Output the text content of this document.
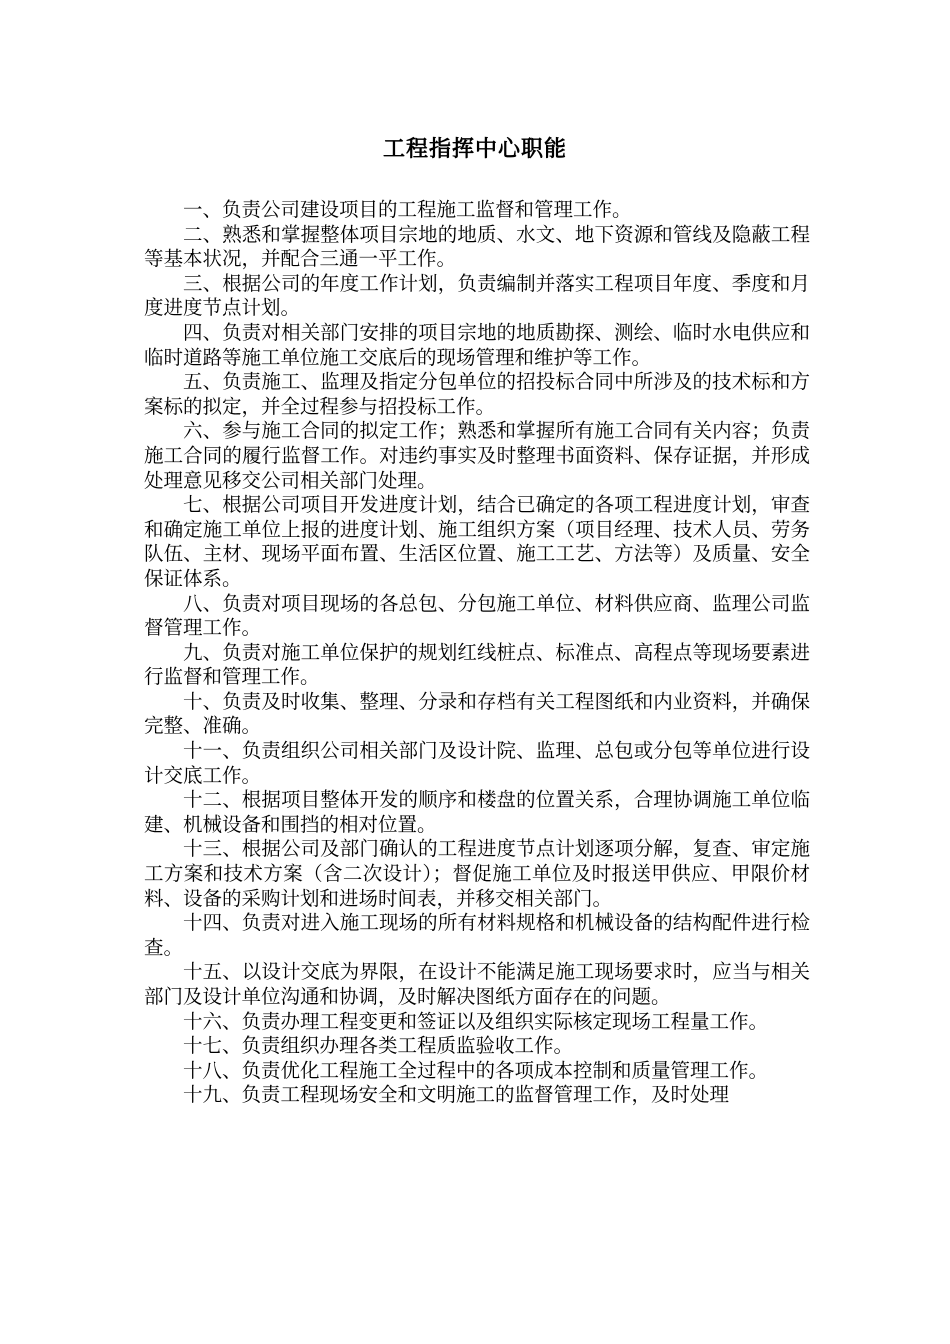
工程指挥中心职能

一、负责公司建设项目的工程施工监督和管理工作。

二、熟悉和掌握整体项目宗地的地质、水文、地下资源和管线及隐蔽工程等基本状况，并配合三通一平工作。

三、根据公司的年度工作计划，负责编制并落实工程项目年度、季度和月度进度节点计划。

四、负责对相关部门安排的项目宗地的地质勘探、测绘、临时水电供应和临时道路等施工单位施工交底后的现场管理和维护等工作。

五、负责施工、监理及指定分包单位的招投标合同中所涉及的技术标和方案标的拟定，并全过程参与招投标工作。

六、参与施工合同的拟定工作；熟悉和掌握所有施工合同有关内容；负责施工合同的履行监督工作。对违约事实及时整理书面资料、保存证据，并形成处理意见移交公司相关部门处理。

七、根据公司项目开发进度计划，结合已确定的各项工程进度计划，审查和确定施工单位上报的进度计划、施工组织方案（项目经理、技术人员、劳务队伍、主材、现场平面布置、生活区位置、施工工艺、方法等）及质量、安全保证体系。

八、负责对项目现场的各总包、分包施工单位、材料供应商、监理公司监督管理工作。

九、负责对施工单位保护的规划红线桩点、标准点、高程点等现场要素进行监督和管理工作。

十、负责及时收集、整理、分录和存档有关工程图纸和内业资料，并确保完整、准确。

十一、负责组织公司相关部门及设计院、监理、总包或分包等单位进行设计交底工作。

十二、根据项目整体开发的顺序和楼盘的位置关系，合理协调施工单位临建、机械设备和围挡的相对位置。

十三、根据公司及部门确认的工程进度节点计划逐项分解，复查、审定施工方案和技术方案（含二次设计）；督促施工单位及时报送甲供应、甲限价材料、设备的采购计划和进场时间表，并移交相关部门。

十四、负责对进入施工现场的所有材料规格和机械设备的结构配件进行检查。

十五、以设计交底为界限，在设计不能满足施工现场要求时，应当与相关部门及设计单位沟通和协调，及时解决图纸方面存在的问题。

十六、负责办理工程变更和签证以及组织实际核定现场工程量工作。

十七、负责组织办理各类工程质监验收工作。

十八、负责优化工程施工全过程中的各项成本控制和质量管理工作。

十九、负责工程现场安全和文明施工的监督管理工作，及时处理
